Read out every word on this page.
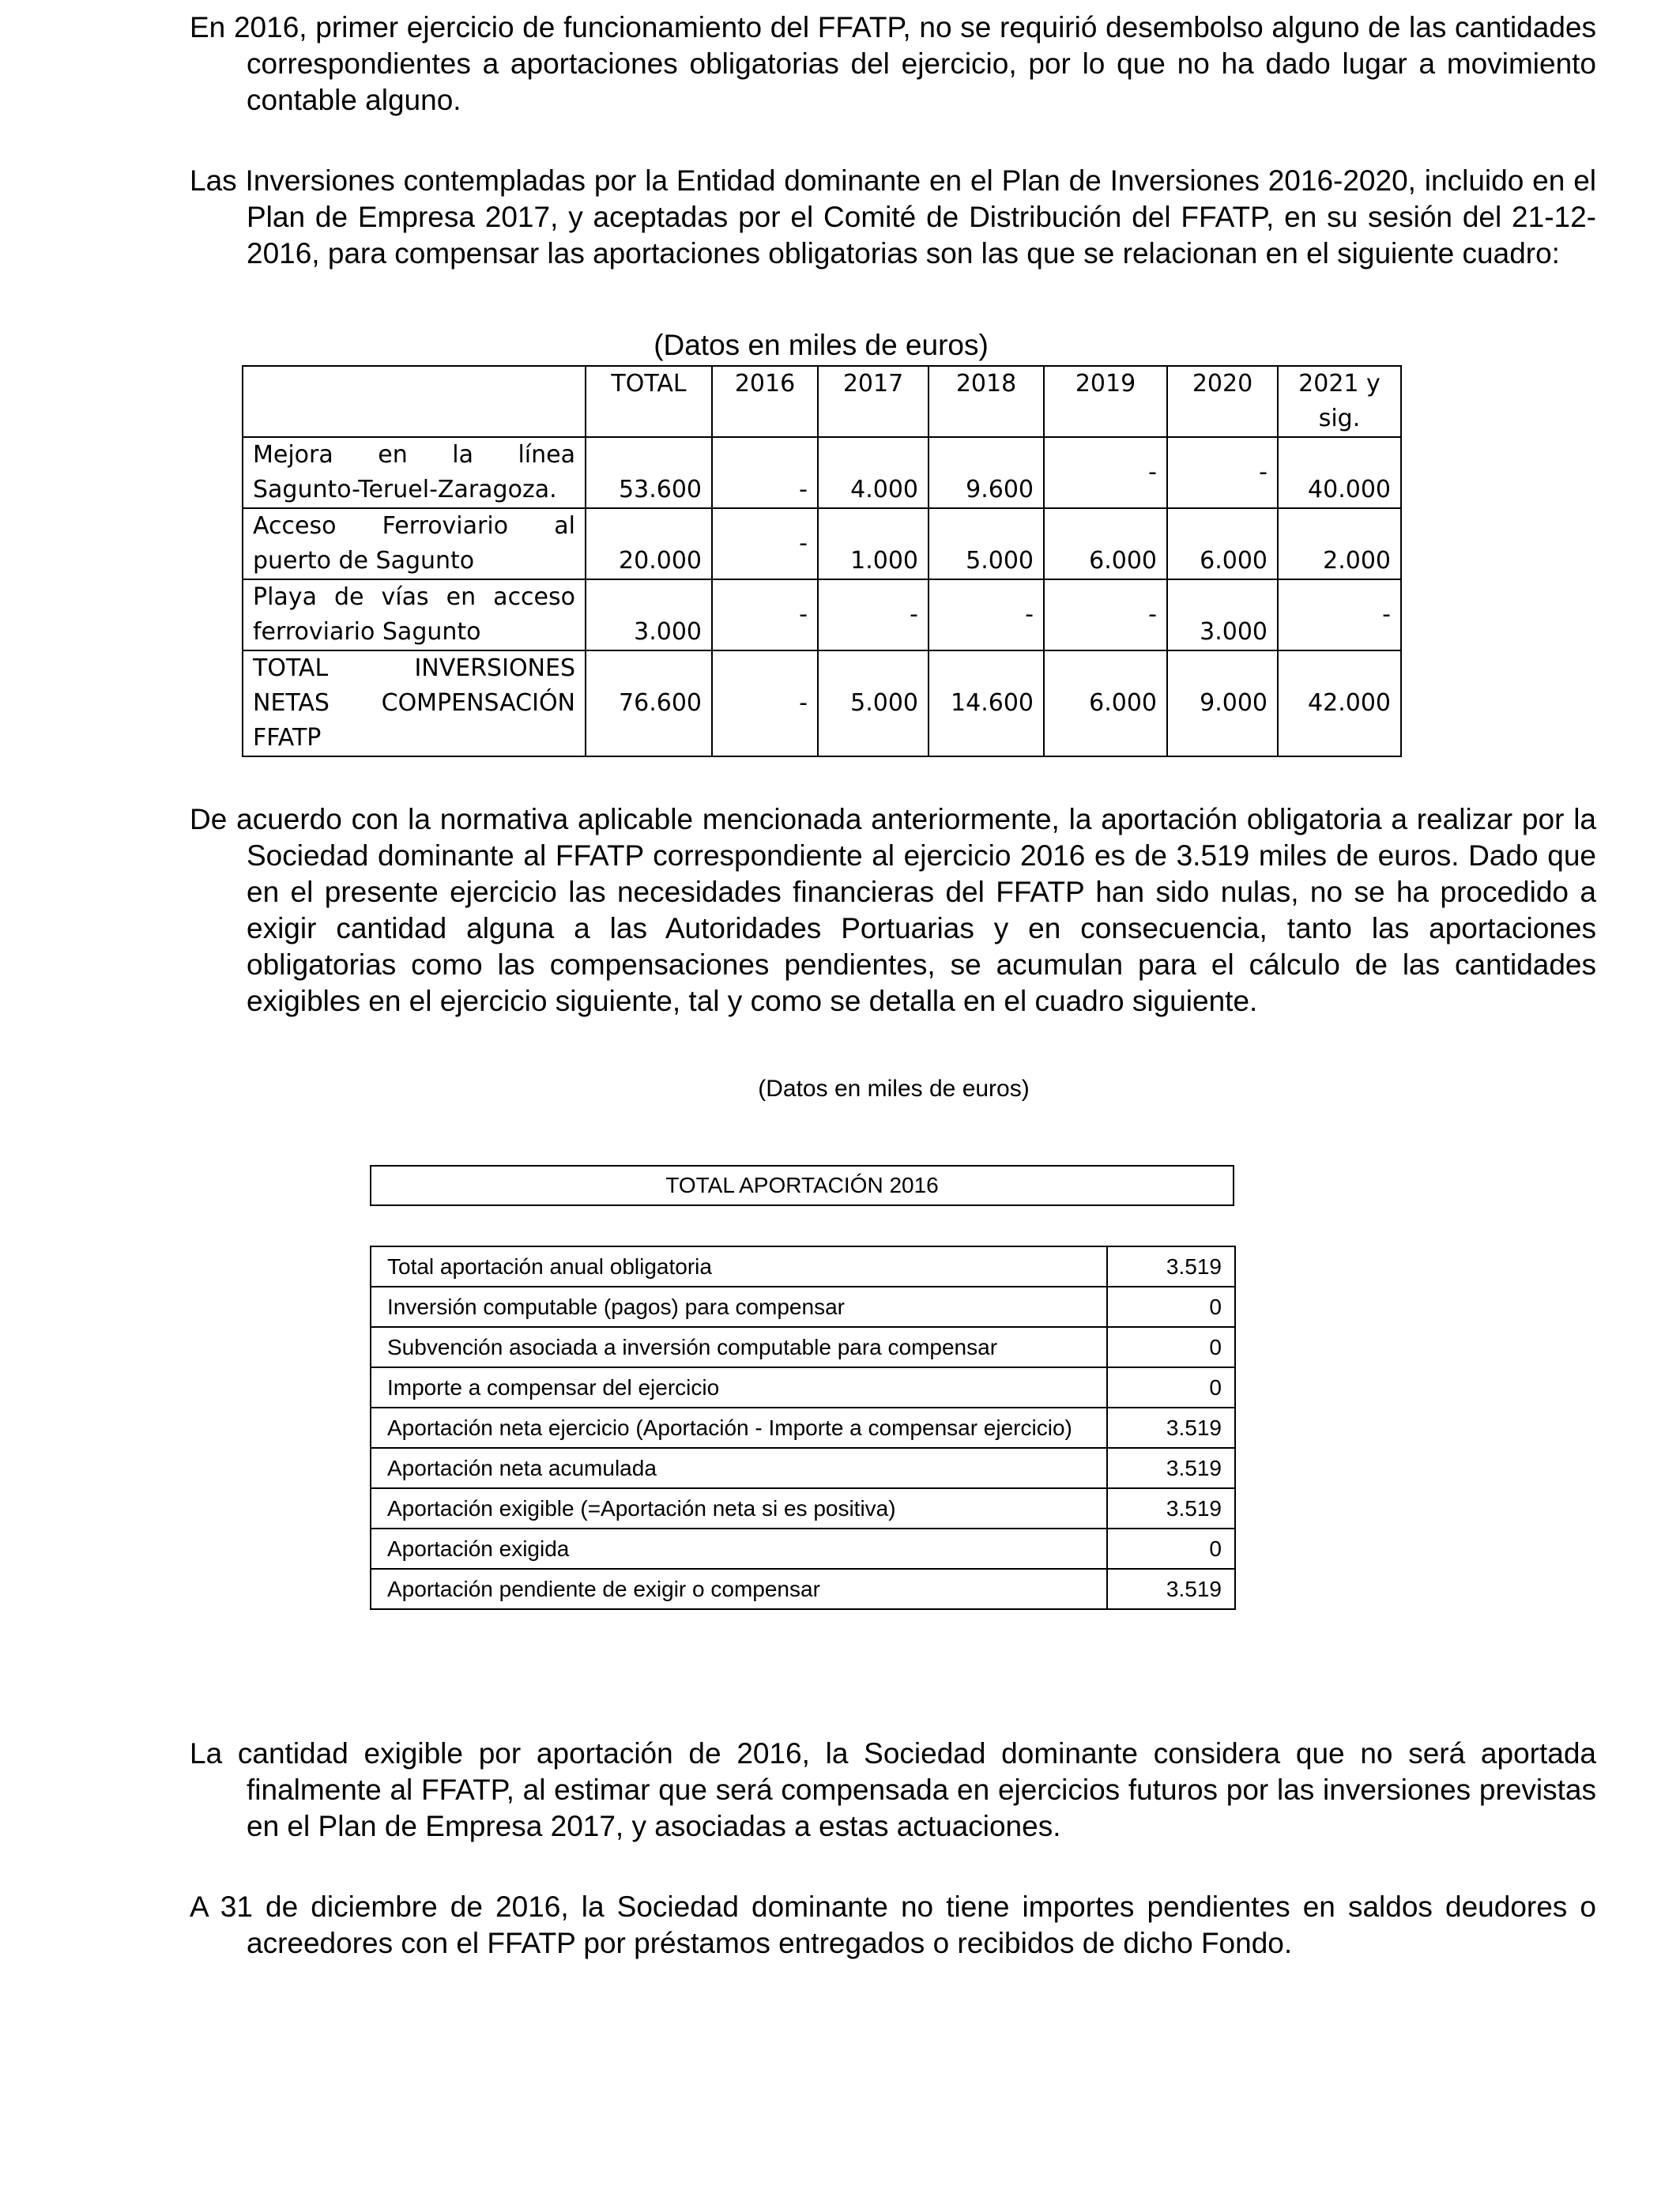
En 2016, primer ejercicio de funcionamiento del FFATP, no se requirió desembolso alguno de las cantidades correspondientes a aportaciones obligatorias del ejercicio, por lo que no ha dado lugar a movimiento contable alguno.

Las Inversiones contempladas por la Entidad dominante en el Plan de Inversiones 2016-2020, incluido en el Plan de Empresa 2017, y aceptadas por el Comité de Distribución del FFATP, en su sesión del 21-12-2016, para compensar las aportaciones obligatorias son las que se relacionan en el siguiente cuadro:

(Datos en miles de euros)

	TOTAL	2016	2017	2018	2019	2020	2021 y sig.
Mejora en la línea Sagunto-Teruel-Zaragoza.	53.600	-	4.000	9.600	-	-	40.000
Acceso Ferroviario al puerto de Sagunto	20.000	-	1.000	5.000	6.000	6.000	2.000
Playa de vías en acceso ferroviario Sagunto	3.000	-	-	-	-	3.000	-
TOTAL INVERSIONES NETAS COMPENSACIÓN FFATP	76.600	-	5.000	14.600	6.000	9.000	42.000

De acuerdo con la normativa aplicable mencionada anteriormente, la aportación obligatoria a realizar por la Sociedad dominante al FFATP correspondiente al ejercicio 2016 es de 3.519 miles de euros. Dado que en el presente ejercicio las necesidades financieras del FFATP han sido nulas, no se ha procedido a exigir cantidad alguna a las Autoridades Portuarias y en consecuencia, tanto las aportaciones obligatorias como las compensaciones pendientes, se acumulan para el cálculo de las cantidades exigibles en el ejercicio siguiente, tal y como se detalla en el cuadro siguiente.

(Datos en miles de euros)

TOTAL APORTACIÓN 2016
Total aportación anual obligatoria	3.519
Inversión computable (pagos) para compensar	0
Subvención asociada a inversión computable para compensar	0
Importe a compensar del ejercicio	0
Aportación neta ejercicio (Aportación - Importe a compensar ejercicio)	3.519
Aportación neta acumulada	3.519
Aportación exigible (=Aportación neta si es positiva)	3.519
Aportación exigida	0
Aportación pendiente de exigir o compensar	3.519

La cantidad exigible por aportación de 2016, la Sociedad dominante considera que no será aportada finalmente al FFATP, al estimar que será compensada en ejercicios futuros por las inversiones previstas en el Plan de Empresa 2017, y asociadas a estas actuaciones.

A 31 de diciembre de 2016, la Sociedad dominante no tiene importes pendientes en saldos deudores o acreedores con el FFATP por préstamos entregados o recibidos de dicho Fondo.
